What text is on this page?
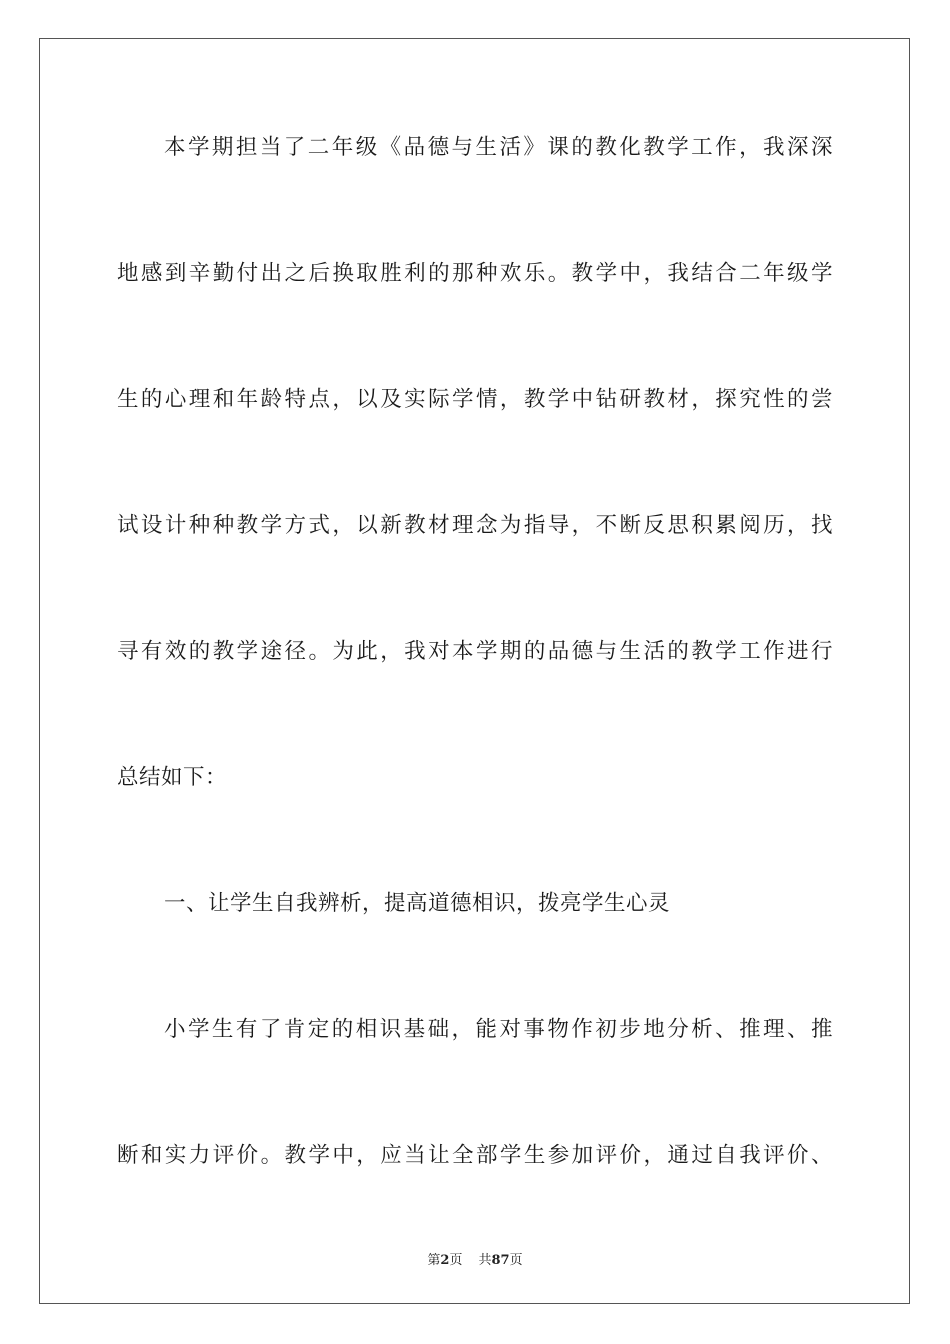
本学期担当了二年级《品德与生活》课的教化教学工作，我深深
地感到辛勤付出之后换取胜利的那种欢乐。教学中，我结合二年级学
生的心理和年龄特点，以及实际学情，教学中钻研教材，探究性的尝
试设计种种教学方式，以新教材理念为指导，不断反思积累阅历，找
寻有效的教学途径。为此，我对本学期的品德与生活的教学工作进行
总结如下：
一、让学生自我辨析，提高道德相识，拨亮学生心灵
小学生有了肯定的相识基础，能对事物作初步地分析、推理、推
断和实力评价。教学中，应当让全部学生参加评价，通过自我评价、
第2页 共87页
